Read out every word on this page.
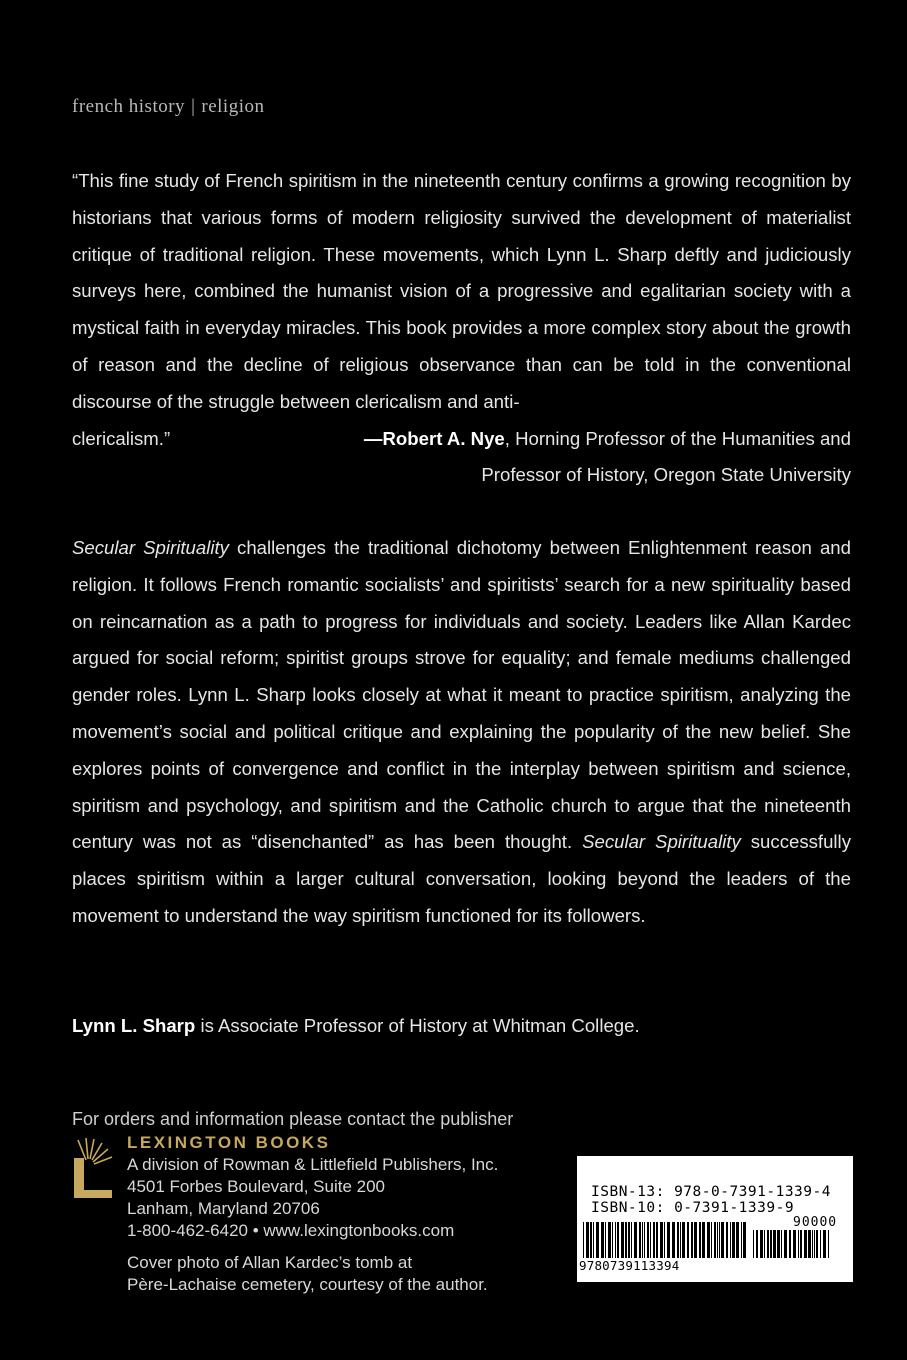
french history | religion
“This fine study of French spiritism in the nineteenth century confirms a growing recognition by historians that various forms of modern religiosity survived the development of materialist critique of traditional religion. These movements, which Lynn L. Sharp deftly and judiciously surveys here, combined the humanist vision of a progressive and egalitarian society with a mystical faith in everyday miracles. This book provides a more complex story about the growth of reason and the decline of religious observance than can be told in the conventional discourse of the struggle between clericalism and anti-
clericalism.”	—Robert A. Nye, Horning Professor of the Humanities and
Professor of History, Oregon State University
Secular Spirituality challenges the traditional dichotomy between Enlightenment reason and religion. It follows French romantic socialists’ and spiritists’ search for a new spirituality based on reincarnation as a path to progress for individuals and society. Leaders like Allan Kardec argued for social reform; spiritist groups strove for equality; and female mediums challenged gender roles. Lynn L. Sharp looks closely at what it meant to practice spiritism, analyzing the movement’s social and political critique and explaining the popularity of the new belief. She explores points of convergence and conflict in the interplay between spiritism and science, spiritism and psychology, and spiritism and the Catholic church to argue that the nineteenth century was not as “disenchanted” as has been thought. Secular Spirituality successfully places spiritism within a larger cultural conversation, looking beyond the leaders of the movement to understand the way spiritism functioned for its followers.
Lynn L. Sharp is Associate Professor of History at Whitman College.
For orders and information please contact the publisher
LEXINGTON BOOKS
A division of Rowman & Littlefield Publishers, Inc.
4501 Forbes Boulevard, Suite 200
Lanham, Maryland 20706
1-800-462-6420 • www.lexingtonbooks.com
Cover photo of Allan Kardec’s tomb at
Père-Lachaise cemetery, courtesy of the author.
ISBN-13: 978-0-7391-1339-4
ISBN-10: 0-7391-1339-9
90000
9780739113394
